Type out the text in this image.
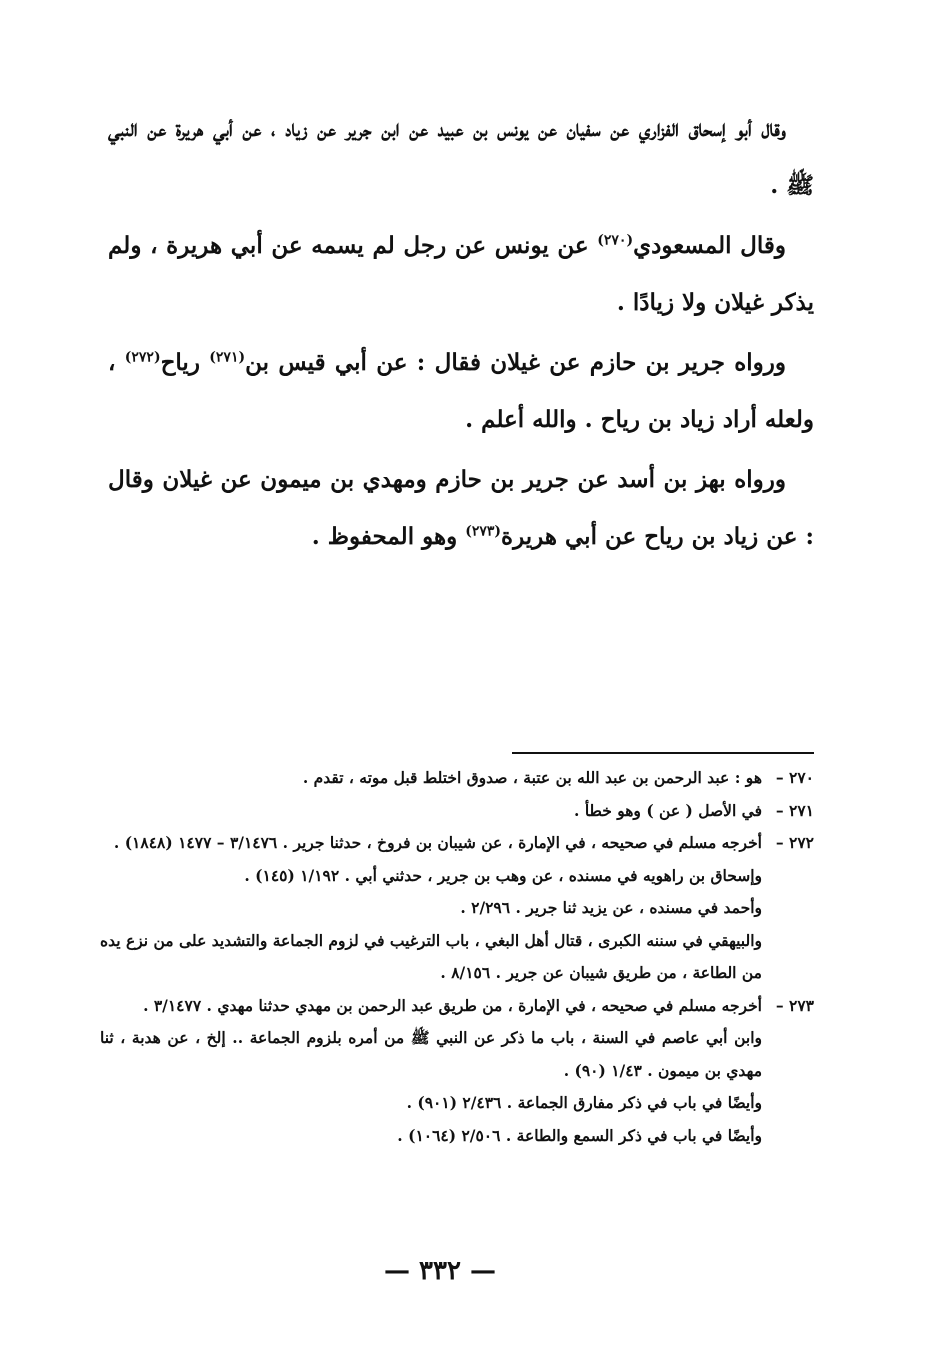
وقال أبو إسحاق الفزاري عن سفيان عن يونس بن عبيد عن ابن جرير عن زياد ، عن أبي هريرة عن النبي ﷺ .

وقال المسعودي$^{(٢٧٠)}$ عن يونس عن رجل لم يسمه عن أبي هريرة ، ولم يذكر غيلان ولا زيادًا .

ورواه جرير بن حازم عن غيلان فقال : عن أبي قيس بن$^{(٢٧١)}$ رياح$^{(٢٧٢)}$ ، ولعله أراد زياد بن رياح . والله أعلم .

ورواه بهز بن أسد عن جرير بن حازم ومهدي بن ميمون عن غيلان وقال : عن زياد بن رياح عن أبي هريرة$^{(٢٧٣)}$ وهو المحفوظ .

٢٧٠ –
هو : عبد الرحمن بن عبد الله بن عتبة ، صدوق اختلط قبل موته ، تقدم .
٢٧١ –
في الأصل ( عن ) وهو خطأ .
٢٧٢ –
أخرجه مسلم في صحيحه ، في الإمارة ، عن شيبان بن فروخ ، حدثنا جرير . ٣/١٤٧٦ – ١٤٧٧ (١٨٤٨) .
وإسحاق بن راهويه في مسنده ، عن وهب بن جرير ، حدثني أبي . ١/١٩٢ (١٤٥) .
وأحمد في مسنده ، عن يزيد ثنا جرير . ٢/٢٩٦ .
والبيهقي في سننه الكبرى ، قتال أهل البغي ، باب الترغيب في لزوم الجماعة والتشديد على من نزع يده من الطاعة ، من طريق شيبان عن جرير . ٨/١٥٦ .
٢٧٣ –
أخرجه مسلم في صحيحه ، في الإمارة ، من طريق عبد الرحمن بن مهدي حدثنا مهدي . ٣/١٤٧٧ .
وابن أبي عاصم في السنة ، باب ما ذكر عن النبي ﷺ من أمره بلزوم الجماعة .. إلخ ، عن هدبة ، ثنا مهدي بن ميمون . ١/٤٣ (٩٠) .
وأيضًا في باب في ذكر مفارق الجماعة . ٢/٤٣٦ (٩٠١) .
وأيضًا في باب في ذكر السمع والطاعة . ٢/٥٠٦ (١٠٦٤) .
— ٣٣٢ —
